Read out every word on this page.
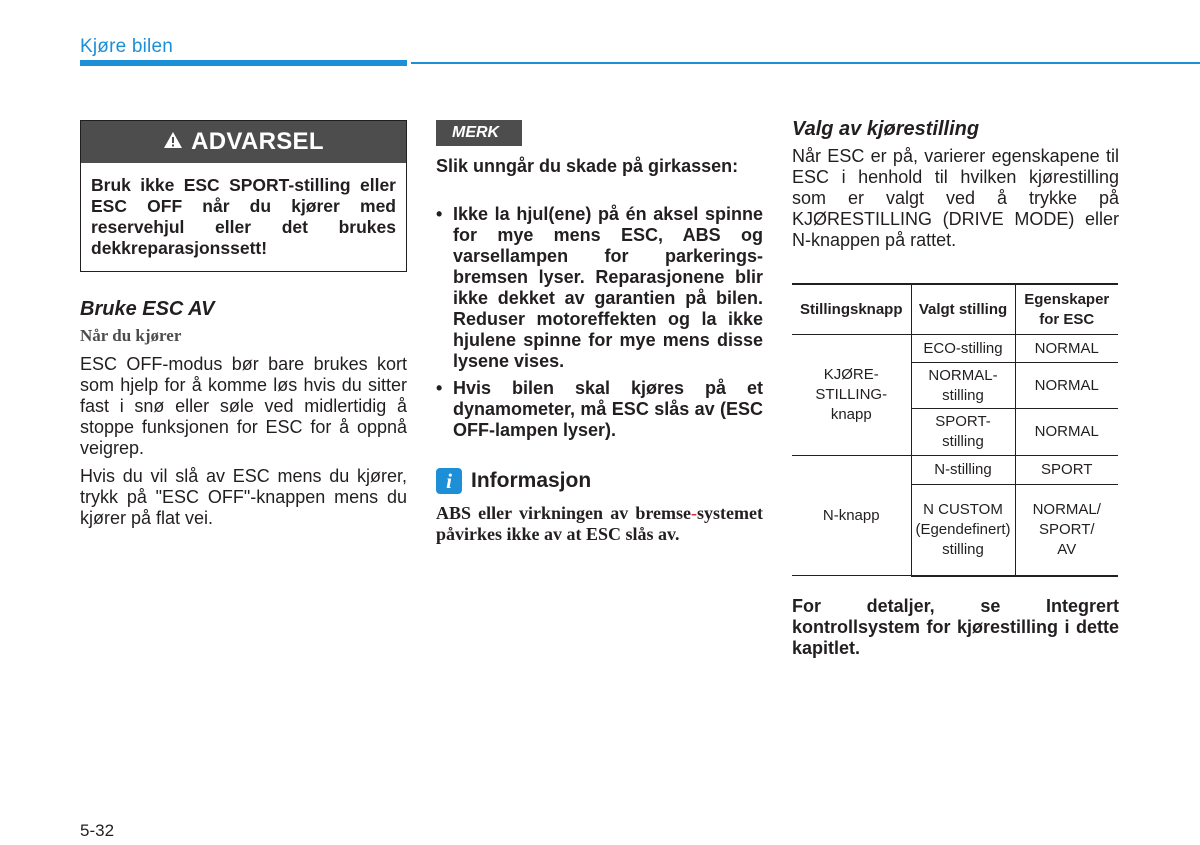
Kjøre bilen
ADVARSEL
Bruk ikke ESC SPORT-stilling eller ESC OFF når du kjører med reservehjul eller det brukes dekkreparasjonssett!
Bruke ESC AV
Når du kjører

ESC OFF-modus bør bare brukes kort som hjelp for å komme løs hvis du sitter fast i snø eller søle ved midlertidig å stoppe funksjonen for ESC for å oppnå veigrep.

Hvis du vil slå av ESC mens du kjører, trykk på "ESC OFF"-knappen mens du kjører på flat vei.

MERK

Slik unngår du skade på girkassen:

• Ikke la hjul(ene) på én aksel spinne for mye mens ESC, ABS og varsellampen for parkerings-bremsen lyser. Reparasjonene blir ikke dekket av garantien på bilen. Reduser motoreffekten og la ikke hjulene spinne for mye mens disse lysene vises.
• Hvis bilen skal kjøres på et dynamometer, må ESC slås av (ESC OFF-lampen lyser).
i Informasjon

ABS eller virkningen av bremse-systemet påvirkes ikke av at ESC slås av.

Valg av kjørestilling

Når ESC er på, varierer egenskapene til ESC i henhold til hvilken kjørestilling som er valgt ved å trykke på KJØRESTILLING (DRIVE MODE) eller N-knappen på rattet.

Stillingsknapp	Valgt stilling	Egenskaper for ESC
KJØRE-STILLING-knapp	ECO-stilling	NORMAL
	NORMAL-stilling	NORMAL
	SPORT-stilling	NORMAL
N-knapp	N-stilling	SPORT
	N CUSTOM (Egendefinert) stilling	NORMAL/ SPORT/ AV

For detaljer, se Integrert kontrollsystem for kjørestilling i dette kapitlet.

5-32
